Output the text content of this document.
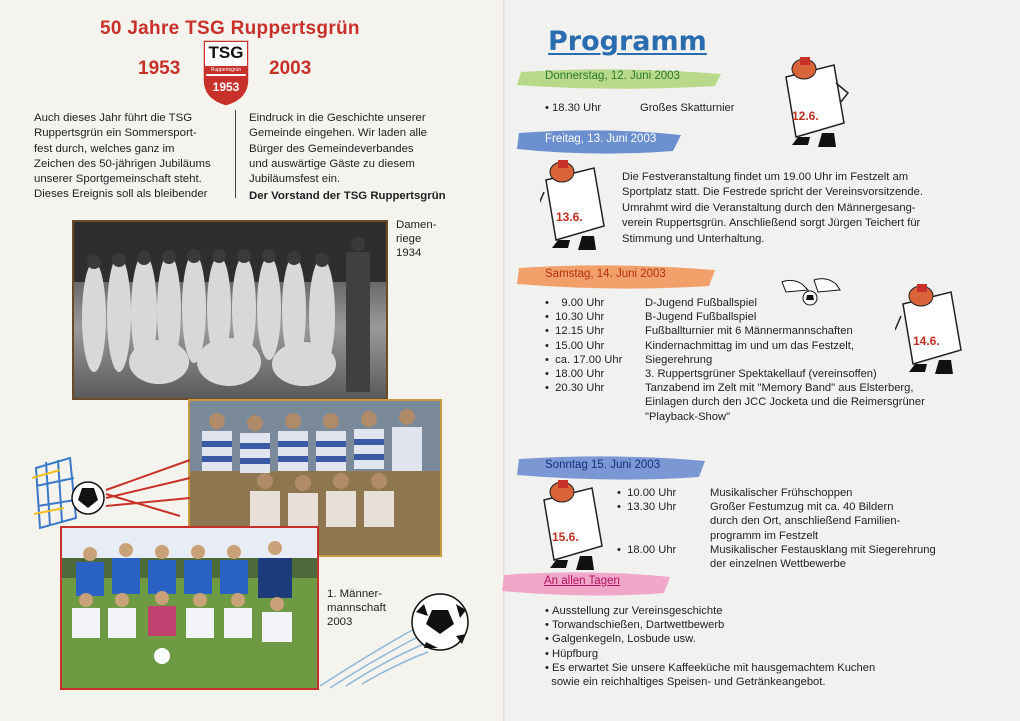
50 Jahre TSG Ruppertsgrün
1953	2003
TSG
Ruppertsgrün
1953
Auch dieses Jahr führt die TSG
Ruppertsgrün ein Sommersport-
fest durch, welches ganz im
Zeichen des 50-jährigen Jubiläums
unserer Sportgemeinschaft steht.
Dieses Ereignis soll als bleibender
Eindruck in die Geschichte unserer
Gemeinde eingehen. Wir laden alle
Bürger des Gemeindeverbandes
und auswärtige Gäste zu diesem
Jubiläumsfest ein.
Der Vorstand der TSG Ruppertsgrün
Damen-
riege
1934
1. Männer-
mannschaft
2003
Programm
Donnerstag, 12. Juni 2003
• 18.30 Uhr	Großes Skatturnier
12.6.
Freitag, 13. Juni 2003
13.6.
Die Festveranstaltung findet um 19.00 Uhr im Festzelt am
Sportplatz statt. Die Festrede spricht der Vereinsvorsitzende.
Umrahmt wird die Veranstaltung durch den Männergesang-
verein Ruppertsgrün. Anschließend sorgt Jürgen Teichert für
Stimmung und Unterhaltung.
Samstag, 14. Juni 2003
14.6.
•    9.00 Uhr
•  10.30 Uhr
•  12.15 Uhr
•  15.00 Uhr
•  ca. 17.00 Uhr
•  18.00 Uhr
•  20.30 Uhr
D-Jugend Fußballspiel
B-Jugend Fußballspiel
Fußballturnier mit 6 Männermannschaften
Kindernachmittag im und um das Festzelt,
Siegerehrung
3. Ruppertsgrüner Spektakellauf (vereinsoffen)
Tanzabend im Zelt mit "Memory Band" aus Elsterberg,
Einlagen durch den JCC Jocketa und die Reimersgrüner
"Playback-Show"
Sonntag 15. Juni 2003
15.6.
•  10.00 Uhr
•  13.30 Uhr

•  18.00 Uhr
Musikalischer Frühschoppen
Großer Festumzug mit ca. 40 Bildern
durch den Ort, anschließend Familien-
programm im Festzelt
Musikalischer Festausklang mit Siegerehrung
der einzelnen Wettbewerbe
An allen Tagen
• Ausstellung zur Vereinsgeschichte
• Torwandschießen, Dartwettbewerb
• Galgenkegeln, Losbude usw.
• Hüpfburg
• Es erwartet Sie unsere Kaffeeküche mit hausgemachtem Kuchen
sowie ein reichhaltiges Speisen- und Getränkeangebot.
